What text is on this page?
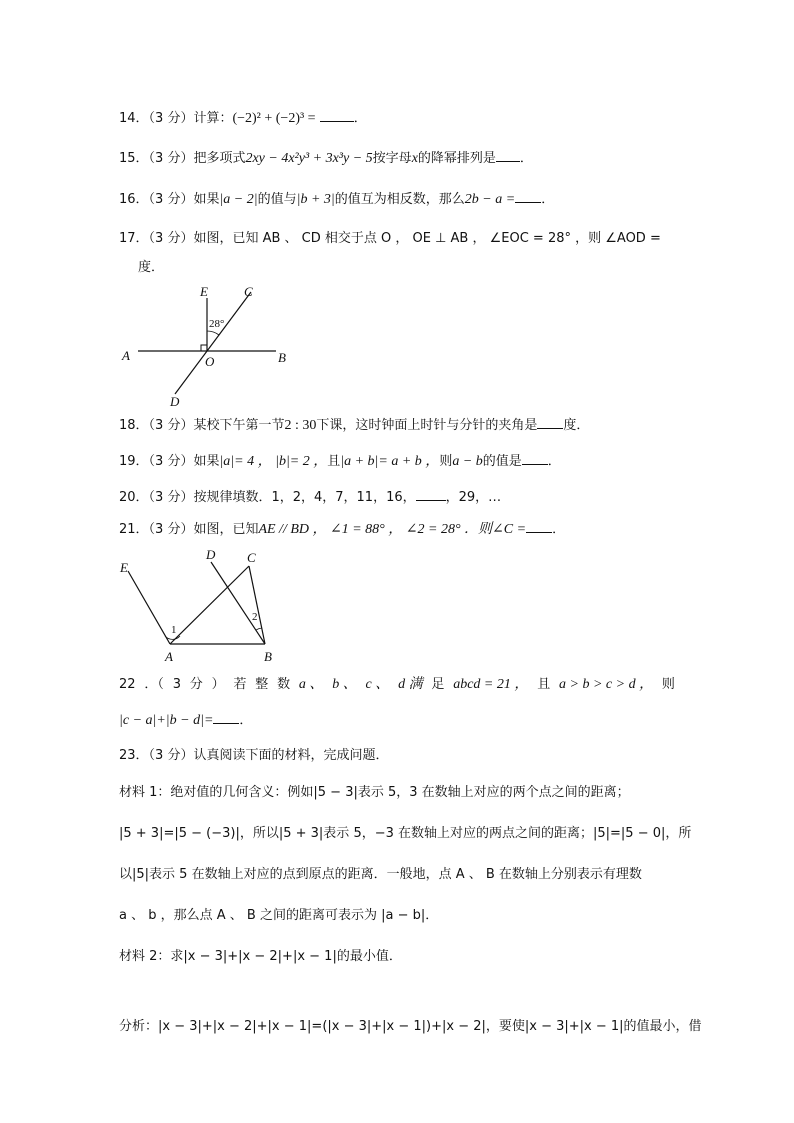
14．（3 分）计算：(−2)² + (−2)³ =	．
15．（3 分）把多项式2xy − 4x²y³ + 3x³y − 5按字母x的降幂排列是 ．
16．（3 分）如果|a − 2|的值与|b + 3|的值互为相反数，那么2b − a = ．
17．（3 分）如图，已知 AB 、 CD 相交于点 O ， OE ⊥ AB ， ∠EOC = 28° ，则 ∠AOD =
度．
E	C
28°
A	O	B
D
18．（3 分）某校下午第一节2 : 30下课，这时钟面上时针与分针的夹角是 度．
19．（3 分）如果|a|= 4 ， |b|= 2 ，且|a + b|= a + b ，则a − b的值是 ．
20．（3 分）按规律填数．1，2，4，7，11，16， ，29，…
21．（3 分）如图，已知AE // BD ， ∠1 = 88° ， ∠2 = 28° ．则∠C = ．
E
D C
1
2
A	B
22 ．（ 3 分 ） 若 整 数 a 、 b 、 c 、 d 满 足 abcd = 21 ， 且 a > b > c > d ， 则
|c − a|+|b − d|= ．
23．（3 分）认真阅读下面的材料，完成问题．
材料 1：绝对值的几何含义：例如|5 − 3|表示 5，3 在数轴上对应的两个点之间的距离；
|5 + 3|=|5 − (−3)|，所以|5 + 3|表示 5，−3 在数轴上对应的两点之间的距离；|5|=|5 − 0|，所
以|5|表示 5 在数轴上对应的点到原点的距离．一般地，点 A 、 B 在数轴上分别表示有理数
a 、 b ，那么点 A 、 B 之间的距离可表示为 |a − b|．
材料 2：求|x − 3|+|x − 2|+|x − 1|的最小值．
分析：|x − 3|+|x − 2|+|x − 1|=(|x − 3|+|x − 1|)+|x − 2|，要使|x − 3|+|x − 1|的值最小，借
